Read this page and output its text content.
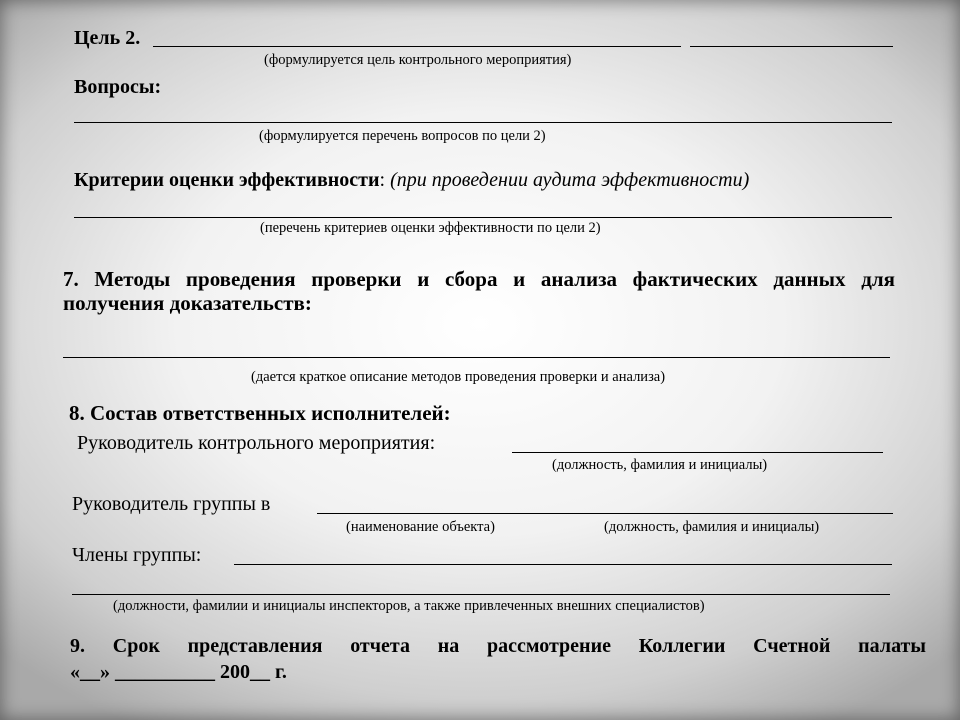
Цель 2.
(формулируется цель контрольного мероприятия)
Вопросы:
(формулируется перечень вопросов по цели 2)
Критерии оценки эффективности: (при проведении аудита эффективности)
(перечень критериев оценки эффективности по цели 2)
7. Методы проведения проверки и сбора и анализа фактических данных для
получения доказательств:
(дается краткое описание методов проведения проверки и анализа)
8. Состав ответственных исполнителей:
Руководитель контрольного мероприятия:
(должность, фамилия и инициалы)
Руководитель группы в
(наименование объекта)	(должность, фамилия и инициалы)
Члены группы:
(должности, фамилии и инициалы инспекторов, а также привлеченных внешних специалистов)
9. Срок представления отчета на рассмотрение Коллегии Счетной палаты
«__» __________ 200__ г.
